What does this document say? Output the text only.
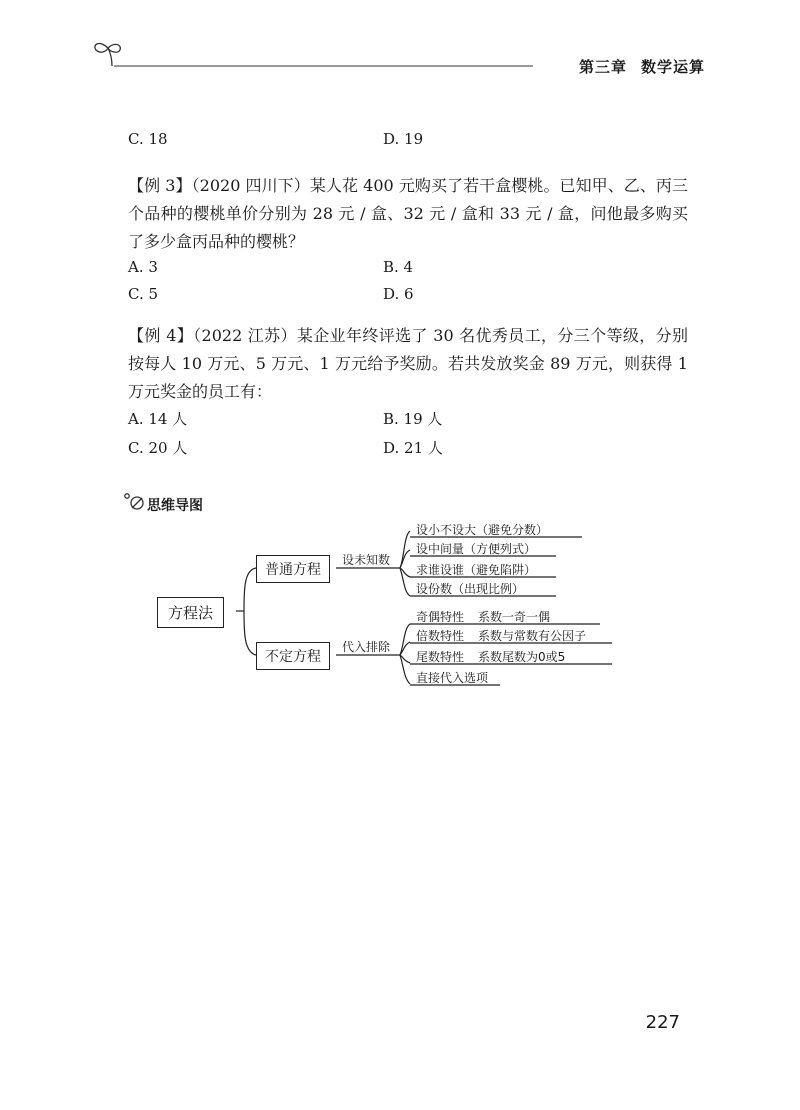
第三章 数学运算
C. 18	D. 19
【例 3】（2020 四川下）某人花 400 元购买了若干盒樱桃。已知甲、乙、丙三个品种的樱桃单价分别为 28 元 / 盒、32 元 / 盒和 33 元 / 盒，问他最多购买了多少盒丙品种的樱桃？
A. 3	B. 4
C. 5	D. 6
【例 4】（2022 江苏）某企业年终评选了 30 名优秀员工，分三个等级，分别按每人 10 万元、5 万元、1 万元给予奖励。若共发放奖金 89 万元，则获得 1 万元奖金的员工有：
A. 14 人	B. 19 人
C. 20 人	D. 21 人
思维导图
方程法
普通方程
不定方程
设未知数
代入排除
设小不设大（避免分数）
设中间量（方便列式）
求谁设谁（避免陷阱）
设份数（出现比例）
奇偶特性 系数一奇一偶
倍数特性 系数与常数有公因子
尾数特性 系数尾数为0或5
直接代入选项
227
